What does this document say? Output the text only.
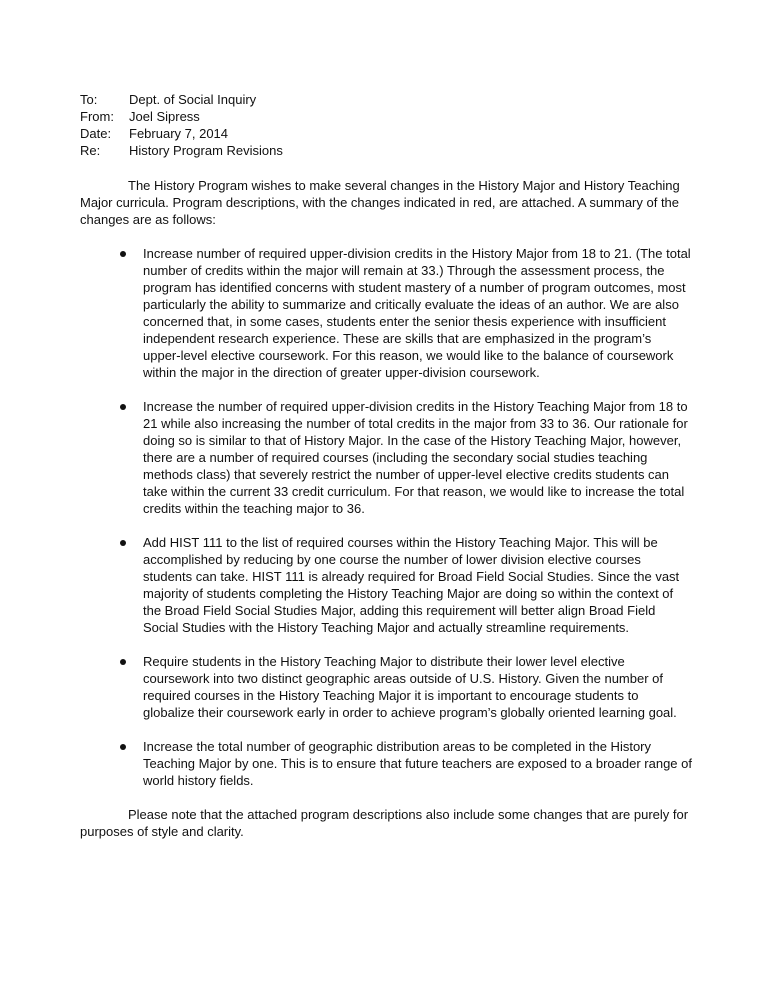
To:	Dept. of Social Inquiry
From:	Joel Sipress
Date:	February 7, 2014
Re:	History Program Revisions

The History Program wishes to make several changes in the History Major and History Teaching Major curricula. Program descriptions, with the changes indicated in red, are attached. A summary of the changes are as follows:

Increase number of required upper-division credits in the History Major from 18 to 21. (The total number of credits within the major will remain at 33.) Through the assessment process, the program has identified concerns with student mastery of a number of program outcomes, most particularly the ability to summarize and critically evaluate the ideas of an author. We are also concerned that, in some cases, students enter the senior thesis experience with insufficient independent research experience. These are skills that are emphasized in the program’s upper-level elective coursework. For this reason, we would like to the balance of coursework within the major in the direction of greater upper-division coursework.
Increase the number of required upper-division credits in the History Teaching Major from 18 to 21 while also increasing the number of total credits in the major from 33 to 36. Our rationale for doing so is similar to that of History Major. In the case of the History Teaching Major, however, there are a number of required courses (including the secondary social studies teaching methods class) that severely restrict the number of upper-level elective credits students can take within the current 33 credit curriculum. For that reason, we would like to increase the total credits within the teaching major to 36.
Add HIST 111 to the list of required courses within the History Teaching Major. This will be accomplished by reducing by one course the number of lower division elective courses students can take. HIST 111 is already required for Broad Field Social Studies. Since the vast majority of students completing the History Teaching Major are doing so within the context of the Broad Field Social Studies Major, adding this requirement will better align Broad Field Social Studies with the History Teaching Major and actually streamline requirements.
Require students in the History Teaching Major to distribute their lower level elective coursework into two distinct geographic areas outside of U.S. History. Given the number of required courses in the History Teaching Major it is important to encourage students to globalize their coursework early in order to achieve program’s globally oriented learning goal.
Increase the total number of geographic distribution areas to be completed in the History Teaching Major by one. This is to ensure that future teachers are exposed to a broader range of world history fields.

Please note that the attached program descriptions also include some changes that are purely for purposes of style and clarity.
